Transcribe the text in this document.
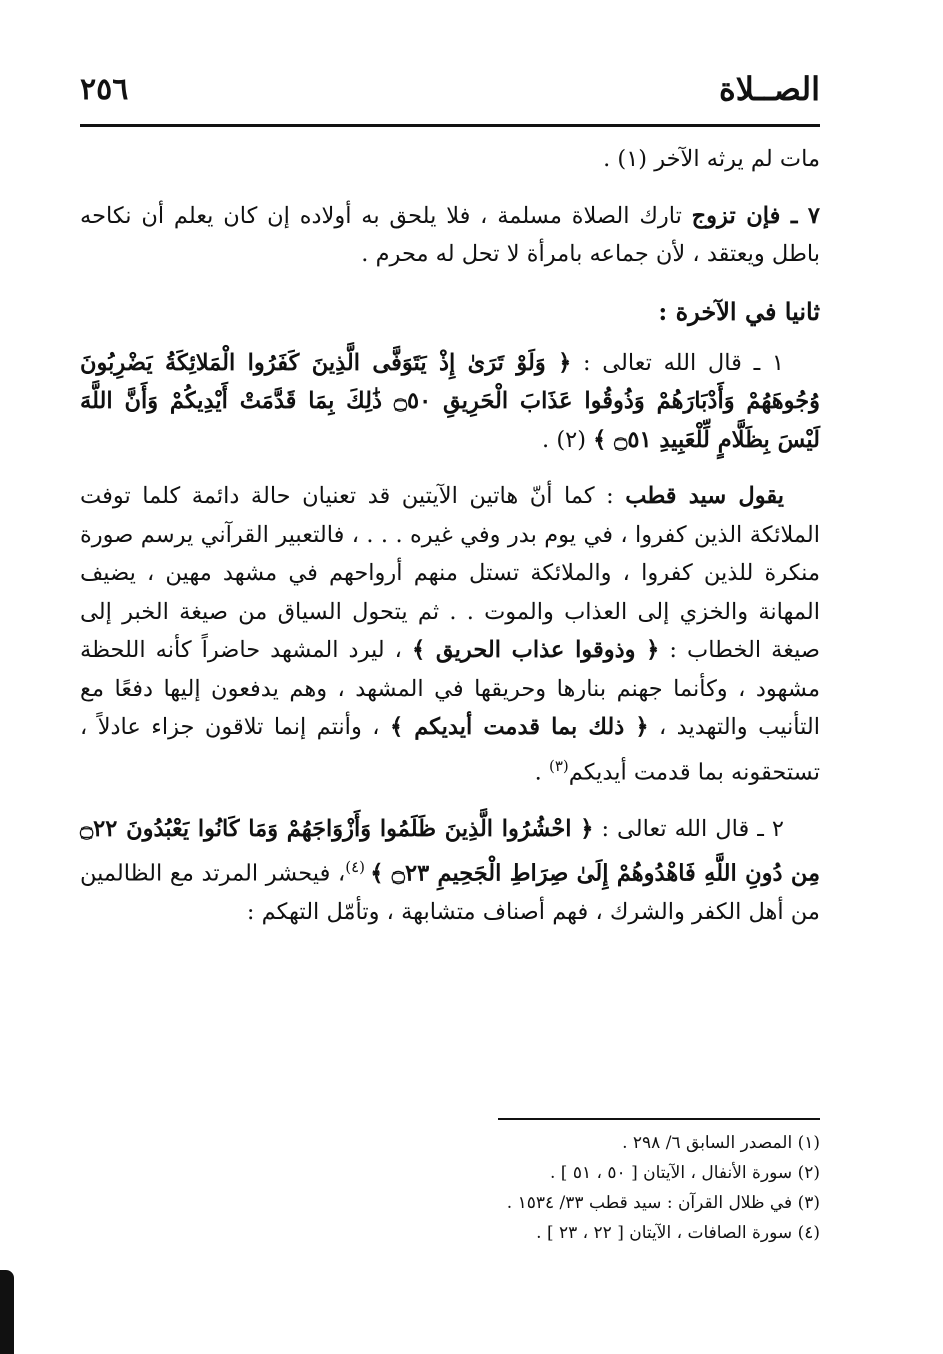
٢٥٦	الصــلاة

مات لم يرثه الآخر (١) .

٧ ـ فإن تزوج تارك الصلاة مسلمة ، فلا يلحق به أولاده إن كان يعلم أن نكاحه باطل ويعتقد ، لأن جماعه بامرأة لا تحل له محرم .

ثانيا في الآخرة :

١ ـ قال الله تعالى : ﴿ وَلَوْ تَرَىٰ إِذْ يَتَوَفَّى الَّذِينَ كَفَرُوا الْمَلائِكَةُ يَضْرِبُونَ وُجُوهَهُمْ وَأَدْبَارَهُمْ وَذُوقُوا عَذَابَ الْحَرِيقِ ۝٥٠ ذَٰلِكَ بِمَا قَدَّمَتْ أَيْدِيكُمْ وَأَنَّ اللَّهَ لَيْسَ بِظَلَّامٍ لِّلْعَبِيدِ ۝٥١ ﴾ (٢) .

يقول سيد قطب : كما أنّ هاتين الآيتين قد تعنيان حالة دائمة كلما توفت الملائكة الذين كفروا ، في يوم بدر وفي غيره . . . ، فالتعبير القرآني يرسم صورة منكرة للذين كفروا ، والملائكة تستل منهم أرواحهم في مشهد مهين ، يضيف المهانة والخزي إلى العذاب والموت . . ثم يتحول السياق من صيغة الخبر إلى صيغة الخطاب : ﴿ وذوقوا عذاب الحريق ﴾ ، ليرد المشهد حاضراً كأنه اللحظة مشهود ، وكأنما جهنم بنارها وحريقها في المشهد ، وهم يدفعون إليها دفعًا مع التأنيب والتهديد ، ﴿ ذلك بما قدمت أيديكم ﴾ ، وأنتم إنما تلاقون جزاء عادلاً ، تستحقونه بما قدمت أيديكم$^{(٣)}$ .

٢ ـ قال الله تعالى : ﴿ احْشُرُوا الَّذِينَ ظَلَمُوا وَأَزْوَاجَهُمْ وَمَا كَانُوا يَعْبُدُونَ ۝٢٢ مِن دُونِ اللَّهِ فَاهْدُوهُمْ إِلَىٰ صِرَاطِ الْجَحِيمِ ۝٢٣ ﴾ $^{(٤)}$، فيحشر المرتد مع الظالمين من أهل الكفر والشرك ، فهم أصناف متشابهة ، وتأمّل التهكم :

(١) المصدر السابق ٦/ ٢٩٨ .

(٢) سورة الأنفال ، الآيتان [ ٥٠ ، ٥١ ] .

(٣) في ظلال القرآن : سيد قطب ٣٣/ ١٥٣٤ .

(٤) سورة الصافات ، الآيتان [ ٢٢ ، ٢٣ ] .
